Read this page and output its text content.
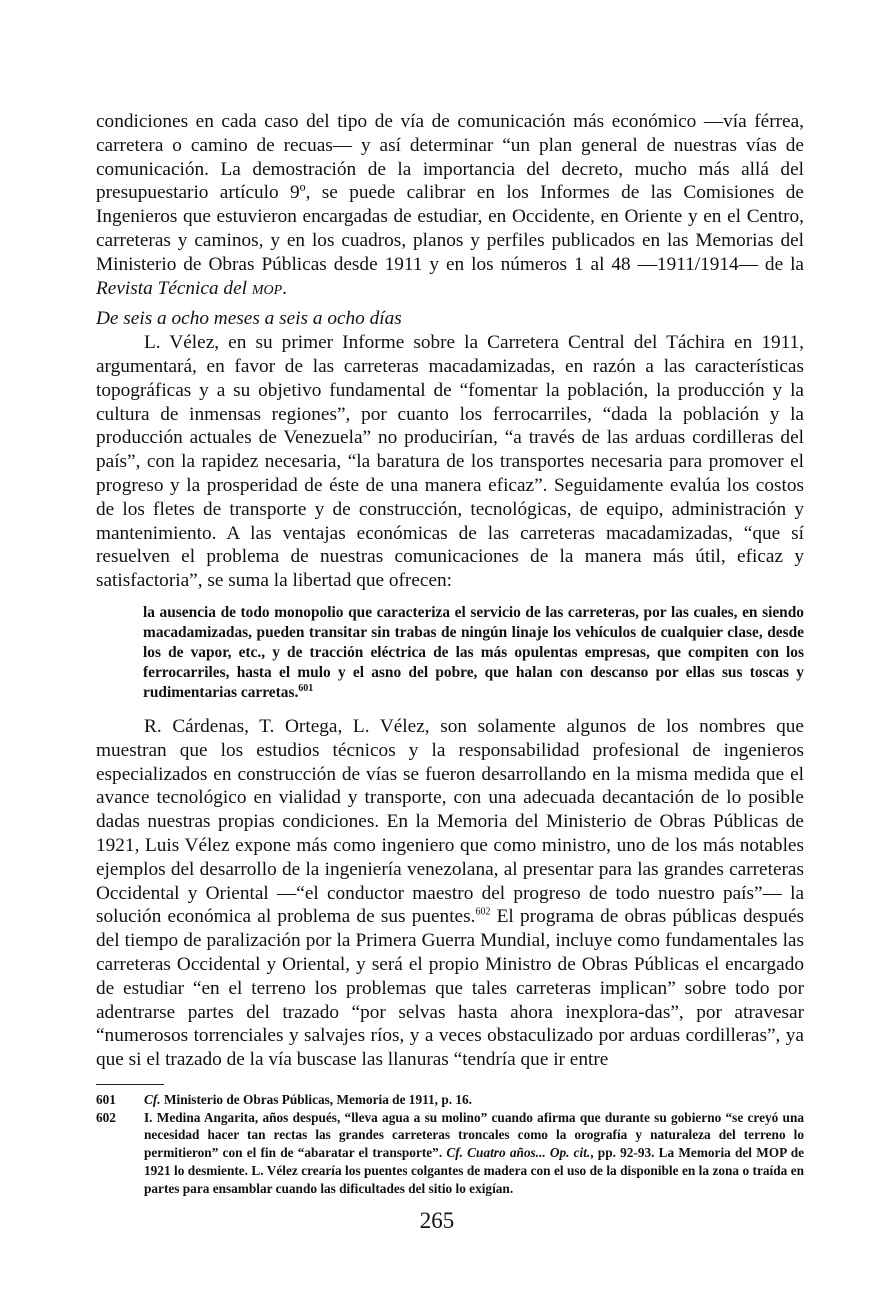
condiciones en cada caso del tipo de vía de comunicación más económico —vía férrea, carretera o camino de recuas— y así determinar “un plan general de nuestras vías de comunicación. La demostración de la importancia del decreto, mucho más allá del presupuestario artículo 9º, se puede calibrar en los Informes de las Comisiones de Ingenieros que estuvieron encargadas de estudiar, en Occidente, en Oriente y en el Centro, carreteras y caminos, y en los cuadros, planos y perfiles publicados en las Memorias del Ministerio de Obras Públicas desde 1911 y en los números 1 al 48 —1911/1914— de la Revista Técnica del mop.

De seis a ocho meses a seis a ocho días

L. Vélez, en su primer Informe sobre la Carretera Central del Táchira en 1911, argumentará, en favor de las carreteras macadamizadas, en razón a las características topográficas y a su objetivo fundamental de “fomentar la población, la producción y la cultura de inmensas regiones”, por cuanto los ferrocarriles, “dada la población y la producción actuales de Venezuela” no producirían, “a través de las arduas cordilleras del país”, con la rapidez necesaria, “la baratura de los transportes necesaria para promover el progreso y la prosperidad de éste de una manera eficaz”. Seguidamente evalúa los costos de los fletes de transporte y de construcción, tecnológicas, de equipo, administración y mantenimiento. A las ventajas económicas de las carreteras macadamizadas, “que sí resuelven el problema de nuestras comunicaciones de la manera más útil, eficaz y satisfactoria”, se suma la libertad que ofrecen:

la ausencia de todo monopolio que caracteriza el servicio de las carreteras, por las cuales, en siendo macadamizadas, pueden transitar sin trabas de ningún linaje los vehículos de cualquier clase, desde los de vapor, etc., y de tracción eléctrica de las más opulentas empresas, que compiten con los ferrocarriles, hasta el mulo y el asno del pobre, que halan con descanso por ellas sus toscas y rudimentarias carretas.$^{601}$

R. Cárdenas, T. Ortega, L. Vélez, son solamente algunos de los nombres que muestran que los estudios técnicos y la responsabilidad profesional de ingenieros especializados en construcción de vías se fueron desarrollando en la misma medida que el avance tecnológico en vialidad y transporte, con una adecuada decantación de lo posible dadas nuestras propias condiciones. En la Memoria del Ministerio de Obras Públicas de 1921, Luis Vélez expone más como ingeniero que como ministro, uno de los más notables ejemplos del desarrollo de la ingeniería venezolana, al presentar para las grandes carreteras Occidental y Oriental —“el conductor maestro del progreso de todo nuestro país”— la solución económica al problema de sus puentes.$^{602}$ El programa de obras públicas después del tiempo de paralización por la Primera Guerra Mundial, incluye como fundamentales las carreteras Occidental y Oriental, y será el propio Ministro de Obras Públicas el encargado de estudiar “en el terreno los problemas que tales carreteras implican” sobre todo por adentrarse partes del trazado “por selvas hasta ahora inexplora-das”, por atravesar “numerosos torrenciales y salvajes ríos, y a veces obstaculizado por arduas cordilleras”, ya que si el trazado de la vía buscase las llanuras “tendría que ir entre

601	Cf. Ministerio de Obras Públicas, Memoria de 1911, p. 16.
602	I. Medina Angarita, años después, “lleva agua a su molino” cuando afirma que durante su gobierno “se creyó una necesidad hacer tan rectas las grandes carreteras troncales como la orografía y naturaleza del terreno lo permitieron” con el fin de “abaratar el transporte”. Cf. Cuatro años... Op. cit., pp. 92-93. La Memoria del MOP de 1921 lo desmiente. L. Vélez crearía los puentes colgantes de madera con el uso de la disponible en la zona o traída en partes para ensamblar cuando las dificultades del sitio lo exigían.
265
